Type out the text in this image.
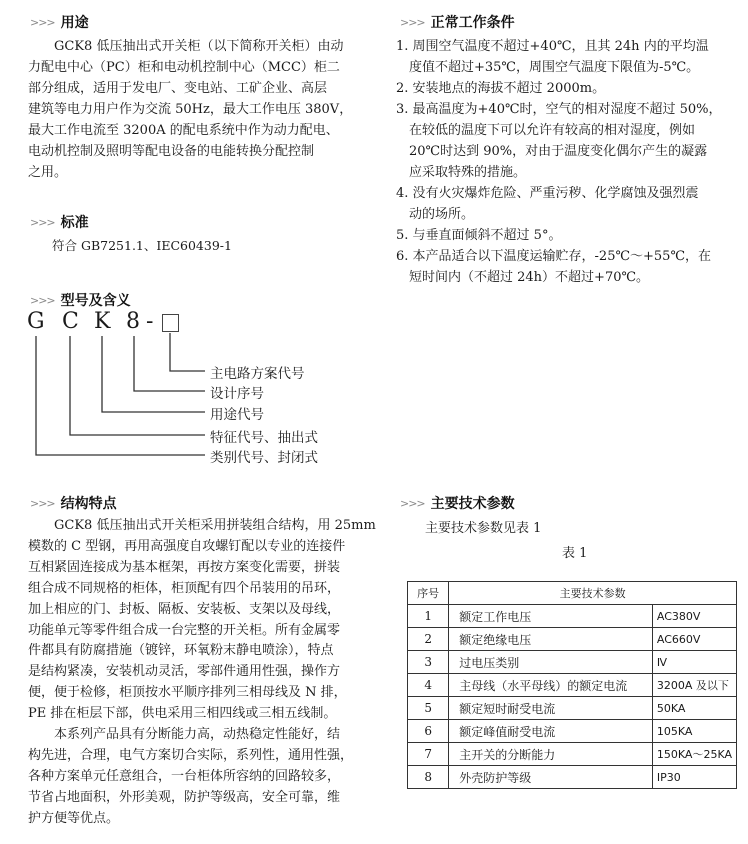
>>> 用途
GCK8 低压抽出式开关柜（以下简称开关柜）由动
力配电中心（PC）柜和电动机控制中心（MCC）柜二
部分组成，适用于发电厂、变电站、工矿企业、高层
建筑等电力用户作为交流 50Hz，最大工作电压 380V，
最大工作电流至 3200A 的配电系统中作为动力配电、
电动机控制及照明等配电设备的电能转换分配控制
之用。
>>> 标准
符合 GB7251.1、IEC60439-1
>>> 型号及含义
G C K 8 -
主电路方案代号
设计序号
用途代号
特征代号、抽出式
类别代号、封闭式
>>> 结构特点
GCK8 低压抽出式开关柜采用拼装组合结构，用 25mm
模数的 C 型钢，再用高强度自攻螺钉配以专业的连接件
互相紧固连接成为基本框架，再按方案变化需要，拼装
组合成不同规格的柜体，柜顶配有四个吊装用的吊环，
加上相应的门、封板、隔板、安装板、支架以及母线，
功能单元等零件组合成一台完整的开关柜。所有金属零
件都具有防腐措施（镀锌，环氧粉末静电喷涂），特点
是结构紧凑，安装机动灵活，零部件通用性强，操作方
便，便于检修，柜顶按水平顺序排列三相母线及 N 排，
PE 排在柜层下部，供电采用三相四线或三相五线制。
本系列产品具有分断能力高，动热稳定性能好，结
构先进，合理，电气方案切合实际，系列性，通用性强，
各种方案单元任意组合，一台柜体所容纳的回路较多，
节省占地面积，外形美观，防护等级高，安全可靠，维
护方便等优点。
>>> 正常工作条件
1. 周围空气温度不超过+40℃，且其 24h 内的平均温
度值不超过+35℃，周围空气温度下限值为-5℃。
2. 安装地点的海拔不超过 2000m。
3. 最高温度为+40℃时，空气的相对湿度不超过 50%，
在较低的温度下可以允许有较高的相对湿度，例如
20℃时达到 90%，对由于温度变化偶尔产生的凝露
应采取特殊的措施。
4. 没有火灾爆炸危险、严重污秽、化学腐蚀及强烈震
动的场所。
5. 与垂直面倾斜不超过 5°。
6. 本产品适合以下温度运输贮存，-25℃～+55℃，在
短时间内（不超过 24h）不超过+70℃。
>>> 主要技术参数
主要技术参数见表 1
表 1
序号	主要技术参数	
1	额定工作电压	AC380V
2	额定绝缘电压	AC660V
3	过电压类别	Ⅳ
4	主母线（水平母线）的额定电流	3200A 及以下
5	额定短时耐受电流	50KA
6	额定峰值耐受电流	105KA
7	主开关的分断能力	150KA～25KA
8	外壳防护等级	IP30
